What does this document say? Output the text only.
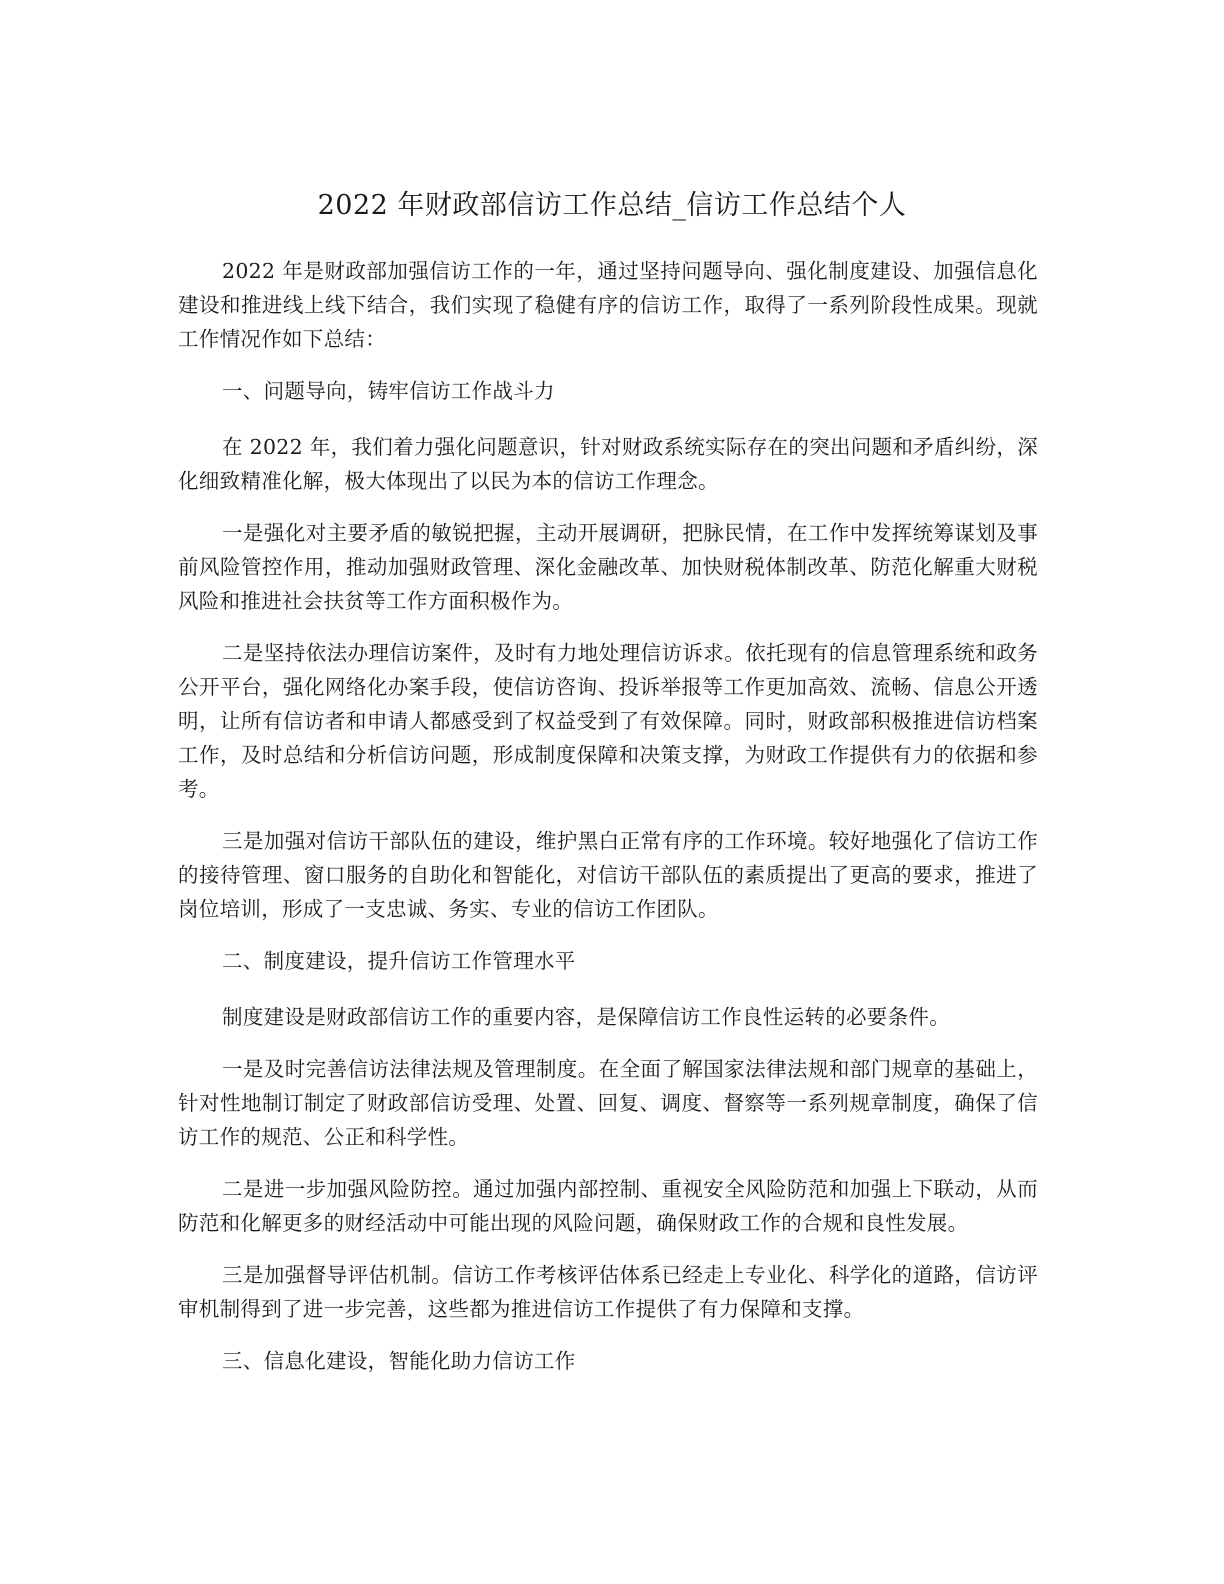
2022 年财政部信访工作总结_信访工作总结个人

2022 年是财政部加强信访工作的一年，通过坚持问题导向、强化制度建设、加强信息化建设和推进线上线下结合，我们实现了稳健有序的信访工作，取得了一系列阶段性成果。现就工作情况作如下总结：

一、问题导向，铸牢信访工作战斗力

在 2022 年，我们着力强化问题意识，针对财政系统实际存在的突出问题和矛盾纠纷，深化细致精准化解，极大体现出了以民为本的信访工作理念。

一是强化对主要矛盾的敏锐把握，主动开展调研，把脉民情，在工作中发挥统筹谋划及事前风险管控作用，推动加强财政管理、深化金融改革、加快财税体制改革、防范化解重大财税风险和推进社会扶贫等工作方面积极作为。

二是坚持依法办理信访案件，及时有力地处理信访诉求。依托现有的信息管理系统和政务公开平台，强化网络化办案手段，使信访咨询、投诉举报等工作更加高效、流畅、信息公开透明，让所有信访者和申请人都感受到了权益受到了有效保障。同时，财政部积极推进信访档案工作，及时总结和分析信访问题，形成制度保障和决策支撑，为财政工作提供有力的依据和参考。

三是加强对信访干部队伍的建设，维护黑白正常有序的工作环境。较好地强化了信访工作的接待管理、窗口服务的自助化和智能化，对信访干部队伍的素质提出了更高的要求，推进了岗位培训，形成了一支忠诚、务实、专业的信访工作团队。

二、制度建设，提升信访工作管理水平

制度建设是财政部信访工作的重要内容，是保障信访工作良性运转的必要条件。

一是及时完善信访法律法规及管理制度。在全面了解国家法律法规和部门规章的基础上，针对性地制订制定了财政部信访受理、处置、回复、调度、督察等一系列规章制度，确保了信访工作的规范、公正和科学性。

二是进一步加强风险防控。通过加强内部控制、重视安全风险防范和加强上下联动，从而防范和化解更多的财经活动中可能出现的风险问题，确保财政工作的合规和良性发展。

三是加强督导评估机制。信访工作考核评估体系已经走上专业化、科学化的道路，信访评审机制得到了进一步完善，这些都为推进信访工作提供了有力保障和支撑。

三、信息化建设，智能化助力信访工作
